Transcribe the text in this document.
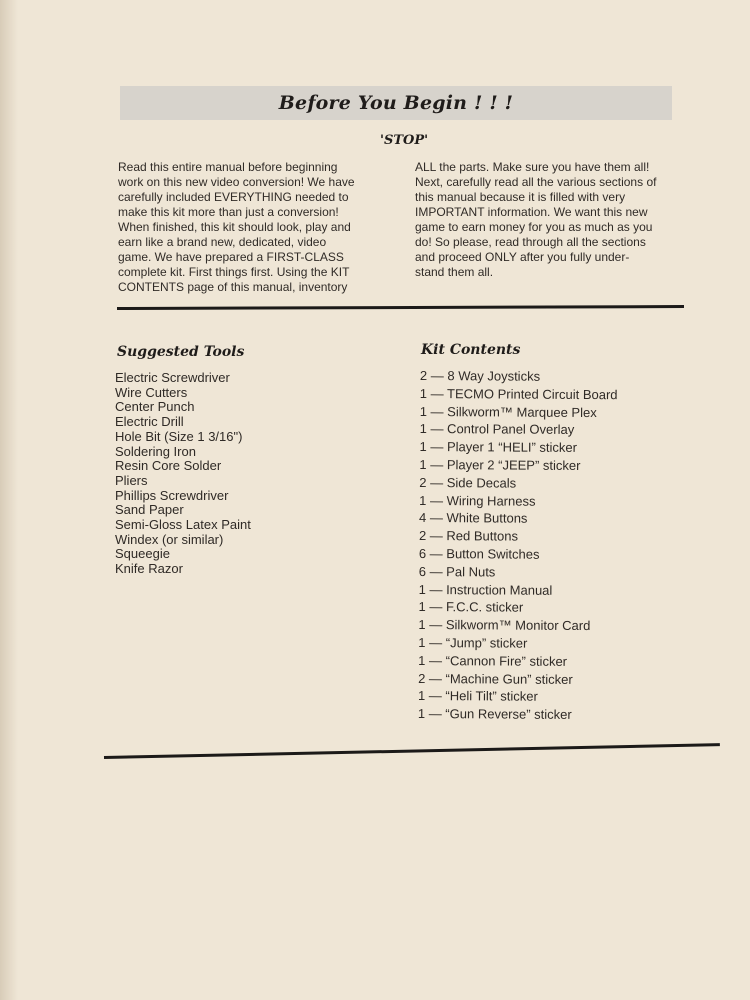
Before You Begin ! ! !
'STOP'
Read this entire manual before beginning
work on this new video conversion! We have
carefully included EVERYTHING needed to
make this kit more than just a conversion!
When finished, this kit should look, play and
earn like a brand new, dedicated, video
game. We have prepared a FIRST-CLASS
complete kit. First things first. Using the KIT
CONTENTS page of this manual, inventory
ALL the parts. Make sure you have them all!
Next, carefully read all the various sections of
this manual because it is filled with very
IMPORTANT information. We want this new
game to earn money for you as much as you
do! So please, read through all the sections
and proceed ONLY after you fully under-
stand them all.
Suggested Tools
Electric Screwdriver
Wire Cutters
Center Punch
Electric Drill
Hole Bit (Size 1 3/16")
Soldering Iron
Resin Core Solder
Pliers
Phillips Screwdriver
Sand Paper
Semi-Gloss Latex Paint
Windex (or similar)
Squeegie
Knife Razor
Kit Contents
2 — 8 Way Joysticks
1 — TECMO Printed Circuit Board
1 — Silkworm™ Marquee Plex
1 — Control Panel Overlay
1 — Player 1 “HELI” sticker
1 — Player 2 “JEEP” sticker
2 — Side Decals
1 — Wiring Harness
4 — White Buttons
2 — Red Buttons
6 — Button Switches
6 — Pal Nuts
1 — Instruction Manual
1 — F.C.C. sticker
1 — Silkworm™ Monitor Card
1 — “Jump” sticker
1 — “Cannon Fire” sticker
2 — “Machine Gun” sticker
1 — “Heli Tilt” sticker
1 — “Gun Reverse” sticker
